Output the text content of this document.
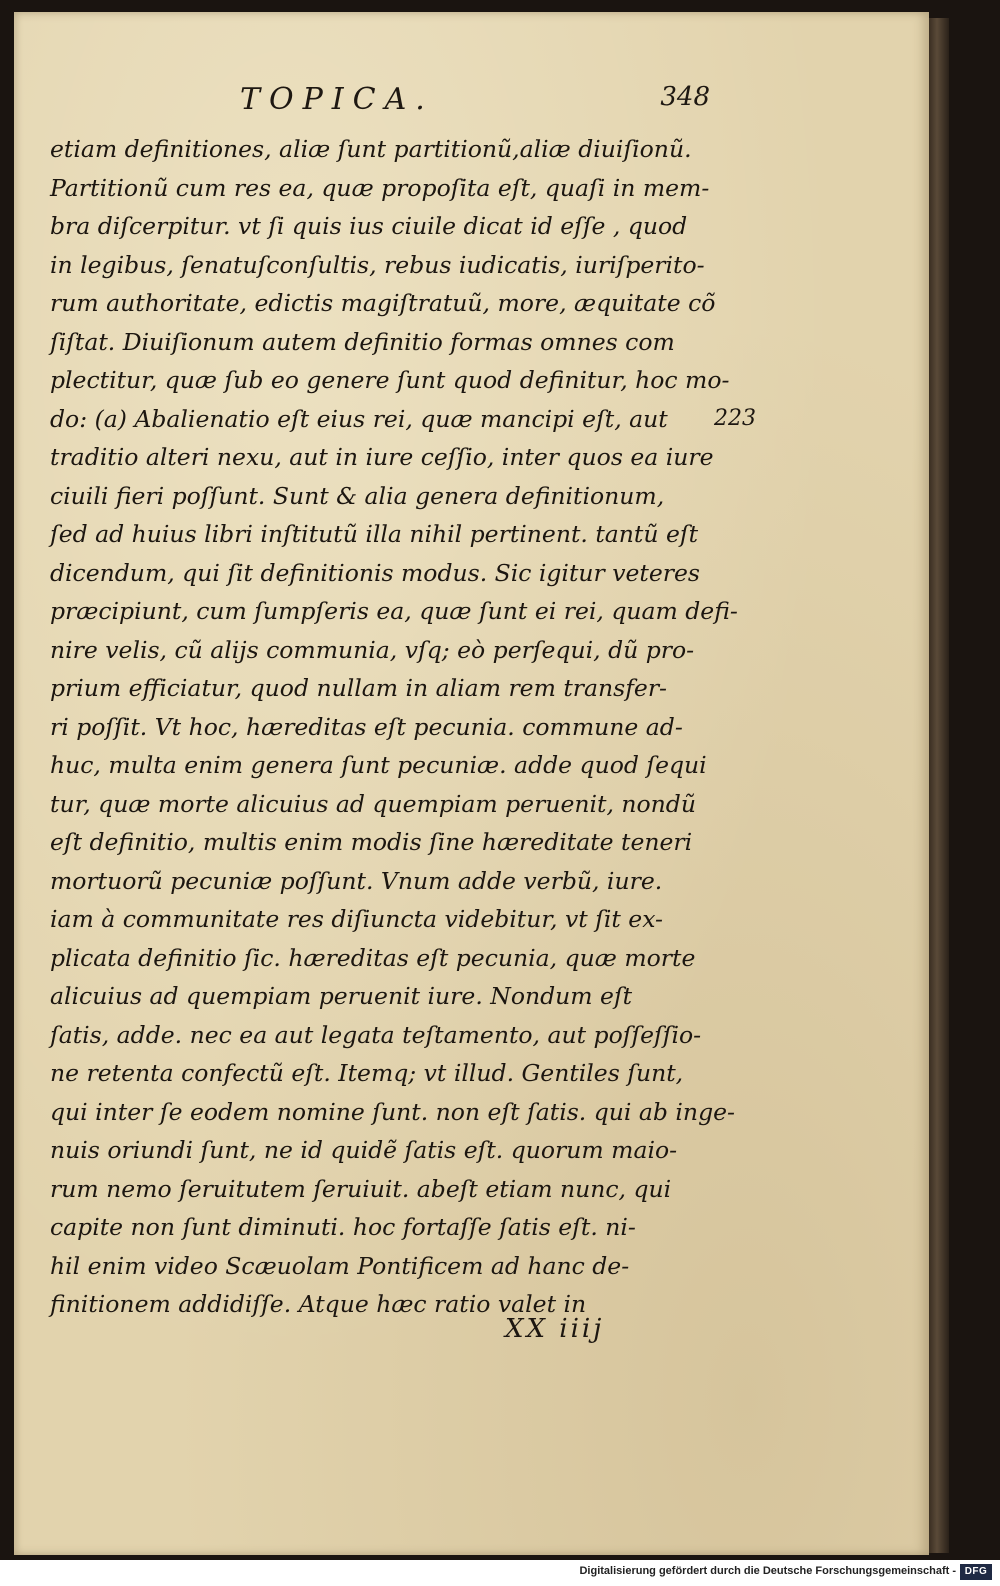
TOPICA.	348
etiam definitiones, aliæ ſunt partitionũ,aliæ diuiſionũ.
Partitionũ cum res ea, quæ propoſita eſt, quaſi in mem-
bra diſcerpitur. vt ſi quis ius ciuile dicat id eſſe , quod
in legibus, ſenatuſconſultis, rebus iudicatis, iuriſperito-
rum authoritate, edictis magiſtratuũ, more, æquitate cõ
ſiſtat. Diuiſionum autem definitio formas omnes com
plectitur, quæ ſub eo genere ſunt quod definitur, hoc mo-
do: (a) Abalienatio eſt eius rei, quæ mancipi eſt, aut
traditio alteri nexu, aut in iure ceſſio, inter quos ea iure
ciuili fieri poſſunt. Sunt & alia genera definitionum,
ſed ad huius libri inſtitutũ illa nihil pertinent. tantũ eſt
dicendum, qui ſit definitionis modus. Sic igitur veteres
præcipiunt, cum ſumpſeris ea, quæ ſunt ei rei, quam defi-
nire velis, cũ alijs communia, vſq; eò perſequi, dũ pro-
prium efficiatur, quod nullam in aliam rem transfer-
ri poſſit. Vt hoc, hæreditas eſt pecunia. commune ad-
huc, multa enim genera ſunt pecuniæ. adde quod ſequi
tur, quæ morte alicuius ad quempiam peruenit, nondũ
eſt definitio, multis enim modis ſine hæreditate teneri
mortuorũ pecuniæ poſſunt. Vnum adde verbũ, iure.
iam à communitate res diſiuncta videbitur, vt ſit ex-
plicata definitio ſic. hæreditas eſt pecunia, quæ morte
alicuius ad quempiam peruenit iure. Nondum eſt
ſatis, adde. nec ea aut legata teſtamento, aut poſſeſſio-
ne retenta confectũ eſt. Itemq; vt illud. Gentiles ſunt,
qui inter ſe eodem nomine ſunt. non eſt ſatis. qui ab inge-
nuis oriundi ſunt, ne id quidẽ ſatis eſt. quorum maio-
rum nemo ſeruitutem ſeruiuit. abeſt etiam nunc, qui
capite non ſunt diminuti. hoc fortaſſe ſatis eſt. ni-
hil enim video Scæuolam Pontificem ad hanc de-
finitionem addidiſſe. Atque hæc ratio valet in
223
XX iiij
Digitalisierung gefördert durch die Deutsche Forschungsgemeinschaft - DFG
